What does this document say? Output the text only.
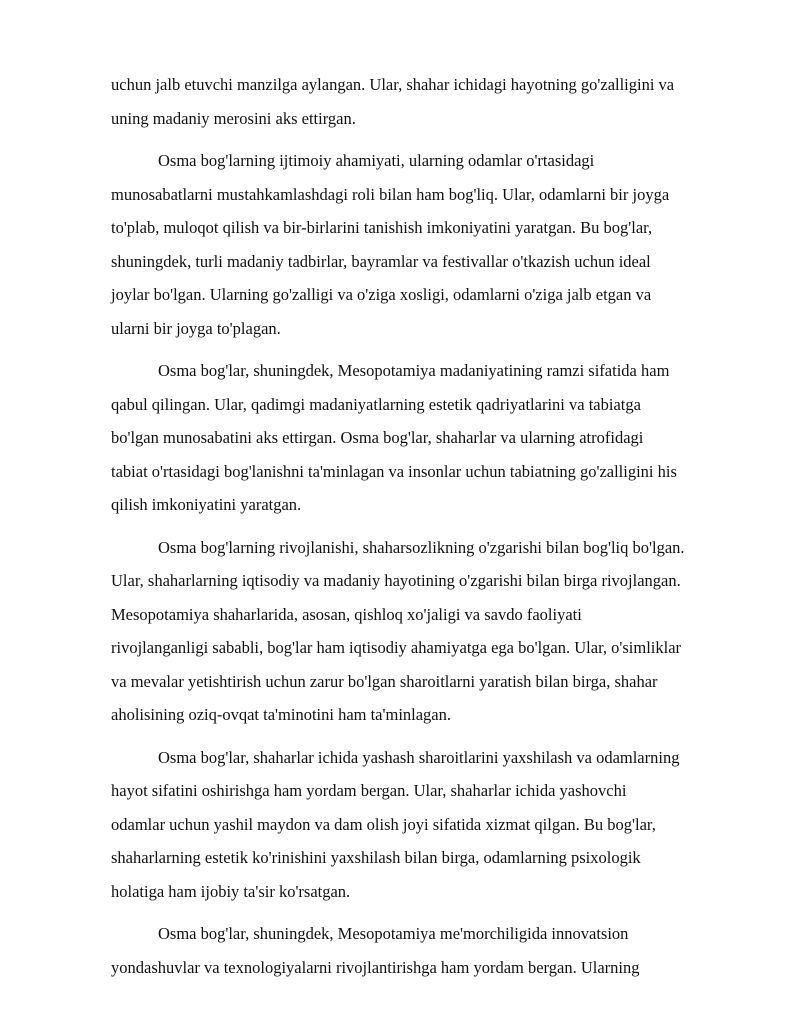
uchun jalb etuvchi manzilga aylangan. Ular, shahar ichidagi hayotning go'zalligini va
uning madaniy merosini aks ettirgan.
Osma bog'larning ijtimoiy ahamiyati, ularning odamlar o'rtasidagi
munosabatlarni mustahkamlashdagi roli bilan ham bog'liq. Ular, odamlarni bir joyga
to'plab, muloqot qilish va bir-birlarini tanishish imkoniyatini yaratgan. Bu bog'lar,
shuningdek, turli madaniy tadbirlar, bayramlar va festivallar o'tkazish uchun ideal
joylar bo'lgan. Ularning go'zalligi va o'ziga xosligi, odamlarni o'ziga jalb etgan va
ularni bir joyga to'plagan.
Osma bog'lar, shuningdek, Mesopotamiya madaniyatining ramzi sifatida ham
qabul qilingan. Ular, qadimgi madaniyatlarning estetik qadriyatlarini va tabiatga
bo'lgan munosabatini aks ettirgan. Osma bog'lar, shaharlar va ularning atrofidagi
tabiat o'rtasidagi bog'lanishni ta'minlagan va insonlar uchun tabiatning go'zalligini his
qilish imkoniyatini yaratgan.
Osma bog'larning rivojlanishi, shaharsozlikning o'zgarishi bilan bog'liq bo'lgan.
Ular, shaharlarning iqtisodiy va madaniy hayotining o'zgarishi bilan birga rivojlangan.
Mesopotamiya shaharlarida, asosan, qishloq xo'jaligi va savdo faoliyati
rivojlanganligi sababli, bog'lar ham iqtisodiy ahamiyatga ega bo'lgan. Ular, o'simliklar
va mevalar yetishtirish uchun zarur bo'lgan sharoitlarni yaratish bilan birga, shahar
aholisining oziq-ovqat ta'minotini ham ta'minlagan.
Osma bog'lar, shaharlar ichida yashash sharoitlarini yaxshilash va odamlarning
hayot sifatini oshirishga ham yordam bergan. Ular, shaharlar ichida yashovchi
odamlar uchun yashil maydon va dam olish joyi sifatida xizmat qilgan. Bu bog'lar,
shaharlarning estetik ko'rinishini yaxshilash bilan birga, odamlarning psixologik
holatiga ham ijobiy ta'sir ko'rsatgan.
Osma bog'lar, shuningdek, Mesopotamiya me'morchiligida innovatsion
yondashuvlar va texnologiyalarni rivojlantirishga ham yordam bergan. Ularning
